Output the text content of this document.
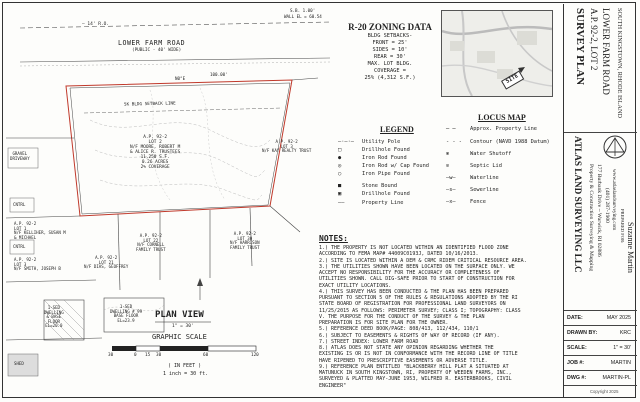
— 14' R.O.
S.B. 1.00'
WALL EL = 60.54
LOWER FARM ROAD
(PUBLIC - 40' WIDE)
N0°E
100.00'
5K BLDG SETBACK LINE
A.P. 92-2
LOT 2
N/F MOORE, ROBERT M
& ALICE R. TRUSTEES
11,250 S.F.
0.26 ACRES
2% COVERAGE
A.P. 92-2
LOT 3
N/F KAY REALTY TRUST
A.P. 92-2
LOT 1
N/F KELLIHER, SUSAN M
& MICHAEL
A.P. 92-2
LOT 3
N/F SMITH, JOSEPH B
A.P. 92-2
LOT 21
N/F DIAS, GEOFFREY
A.P. 92-2
LOT 22
N/F CORNELL
FAMILY TRUST
A.P. 92-2
LOT 30
N/F HARRISON
FAMILY TRUST
1-SED
DWELLING
& BASE
FLOOR
EL=20.0
1-SED
DWELLING # 99
BASE FLOOR
EL=23.9
GRAVEL
DRIVEWAY
CNTRL
CNTRL
SHED
PLAN VIEW
1" = 30'
GRAPHIC SCALE
30	0 15 30	60	120
( IN FEET )
1 inch = 30 ft.
R-20 ZONING DATA
BLDG SETBACKS-
FRONT = 25'
SIDES = 10'
REAR = 30'
MAX. LOT BLDG.
COVERAGE =
25% (4,312 S.F.)	SITE
LOCUS MAP
LEGEND
—·—·— Utility Pole
□	Drillhole Found
●	Iron Rod Found
◎	Iron Rod w/ Cap Found
○	Iron Pipe Found
■	Stone Bound
▣	Drillhole Found
——	Property Line
─ ─	Approx. Property Line
- - - Contour (NAVD 1988 Datum)
⊗	Water Shutoff
⊙	Septic Lid
—w—	Waterline
—s—	Sewerline
—x—	Fence
NOTES:
1.) THE PROPERTY IS NOT LOCATED WITHIN AN IDENTIFIED FLOOD ZONE
ACCORDING TO FEMA MAP# 44009C0193J, DATED 10/16/2013.
2.) SITE IS LOCATED WITHIN A DEM & CRMC RIDEM CRITICAL RESOURCE AREA.
3.) THE UTILITIES SHOWN HAVE BEEN LOCATED ON THE SURFACE ONLY. WE
ACCEPT NO RESPONSIBILITY FOR THE ACCURACY OR COMPLETENESS OF
UTILITIES SHOWN. CALL DIG-SAFE PRIOR TO START OF CONSTRUCTION FOR
EXACT UTILITY LOCATIONS.
4.) THIS SURVEY HAS BEEN CONDUCTED & THE PLAN HAS BEEN PREPARED
PURSUANT TO SECTION 5 OF THE RULES & REGULATIONS ADOPTED BY THE RI
STATE BOARD OF REGISTRATION FOR PROFESSIONAL LAND SURVEYORS ON
11/25/2015 AS FOLLOWS: PERIMETER SURVEY; CLASS I; TOPOGRAPHY: CLASS
V. THE PURPOSE FOR THE CONDUCT OF THE SURVEY & THE PLAN
PREPARATION IS FOR SITE PLAN FOR THE OWNER.
5.) REFERENCE DEED BOOK/PAGE: 808/413, 112/434, 110/1
6.) SUBJECT TO EASEMENTS & RIGHTS OF WAY OF RECORD (IF ANY).
7.) STREET INDEX: LOWER FARM ROAD
8.) ATLAS DOES NOT STATE ANY OPINION REGARDING WHETHER THE
EXISTING IS OR IS NOT IN CONFORMANCE WITH THE RECORD LINE OF TITLE
HAVE RIPENED TO PRESCRIPTIVE EASEMENTS OR ADVERSE TITLE.
9.) REFERENCE PLAN ENTITLED "BLACKBERRY HILL PLAT A SITUATED AT
MATUNUCK IN SOUTH KINGSTOWN, RI, PROPERTY OF WEEDEN FARMS, INC.,
SURVEYED & PLATTED MAY-JUNE 1953, WILFRED R. EASTERBROOKS, CIVIL
ENGINEER"
SURVEY PLAN A.P. 92-2, LOT 2 LOWER FARM ROAD SOUTH KINGSTOWN, RHODE ISLAND
ATLAS LAND SURVEYING LLC Property & Construction Surveying & Mapping 177 Burbank Drive ~ Warwick, RI 02886 (401) 287-1900 www.atlaslandsurveying.com PREPARED FOR: Suzanne Martin
DATE:	MAY 2025
DRAWN BY:	KRC
SCALE:	1" = 30'
JOB #:	MARTIN
DWG #:	MARTIN-PL
Copyright 2025
